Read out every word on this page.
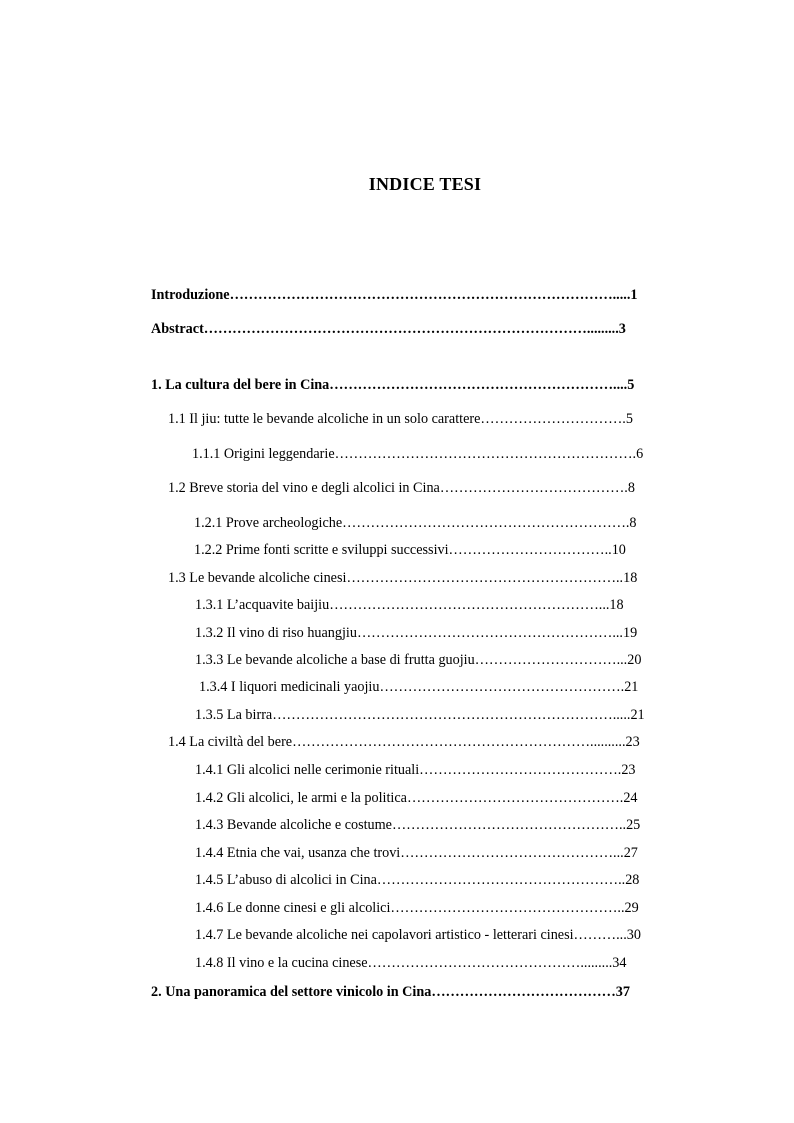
INDICE TESI
Introduzione……………………………………………………………………….....1
Abstract……………………………………………………………………….........3
1. La cultura del bere in Cina……………………………………………………....5
1.1 Il jiu: tutte le bevande alcoliche in un solo carattere………………………….5
1.1.1 Origini leggendarie……………………………………………………….6
1.2 Breve storia del vino e degli alcolici in Cina………………………………….8
1.2.1 Prove archeologiche…………………………………………………….8
1.2.2 Prime fonti scritte e sviluppi successivi……………………………..10
1.3 Le bevande alcoliche cinesi…………………………………………………..18
1.3.1 L’acquavite baijiu…………………………………………………...18
1.3.2 Il vino di riso huangjiu………………………………………………...19
1.3.3 Le bevande alcoliche a base di frutta guojiu…………………………...20
1.3.4 I liquori medicinali yaojiu…………………………………………….21
1.3.5 La birra……………………………………………………………….....21
1.4 La civiltà del bere………………………………………………………..........23
1.4.1 Gli alcolici nelle cerimonie rituali…………………………………….23
1.4.2 Gli alcolici, le armi e la politica……………………………………….24
1.4.3 Bevande alcoliche e costume…………………………………………..25
1.4.4 Etnia che vai, usanza che trovi………………………………………...27
1.4.5 L’abuso di alcolici in Cina……………………………………………..28
1.4.6 Le donne cinesi e gli alcolici…………………………………………..29
1.4.7 Le bevande alcoliche nei capolavori artistico - letterari cinesi………...30
1.4.8 Il vino e la cucina cinese……………………………………….........34
2. Una panoramica del settore vinicolo in Cina…………………………………37
